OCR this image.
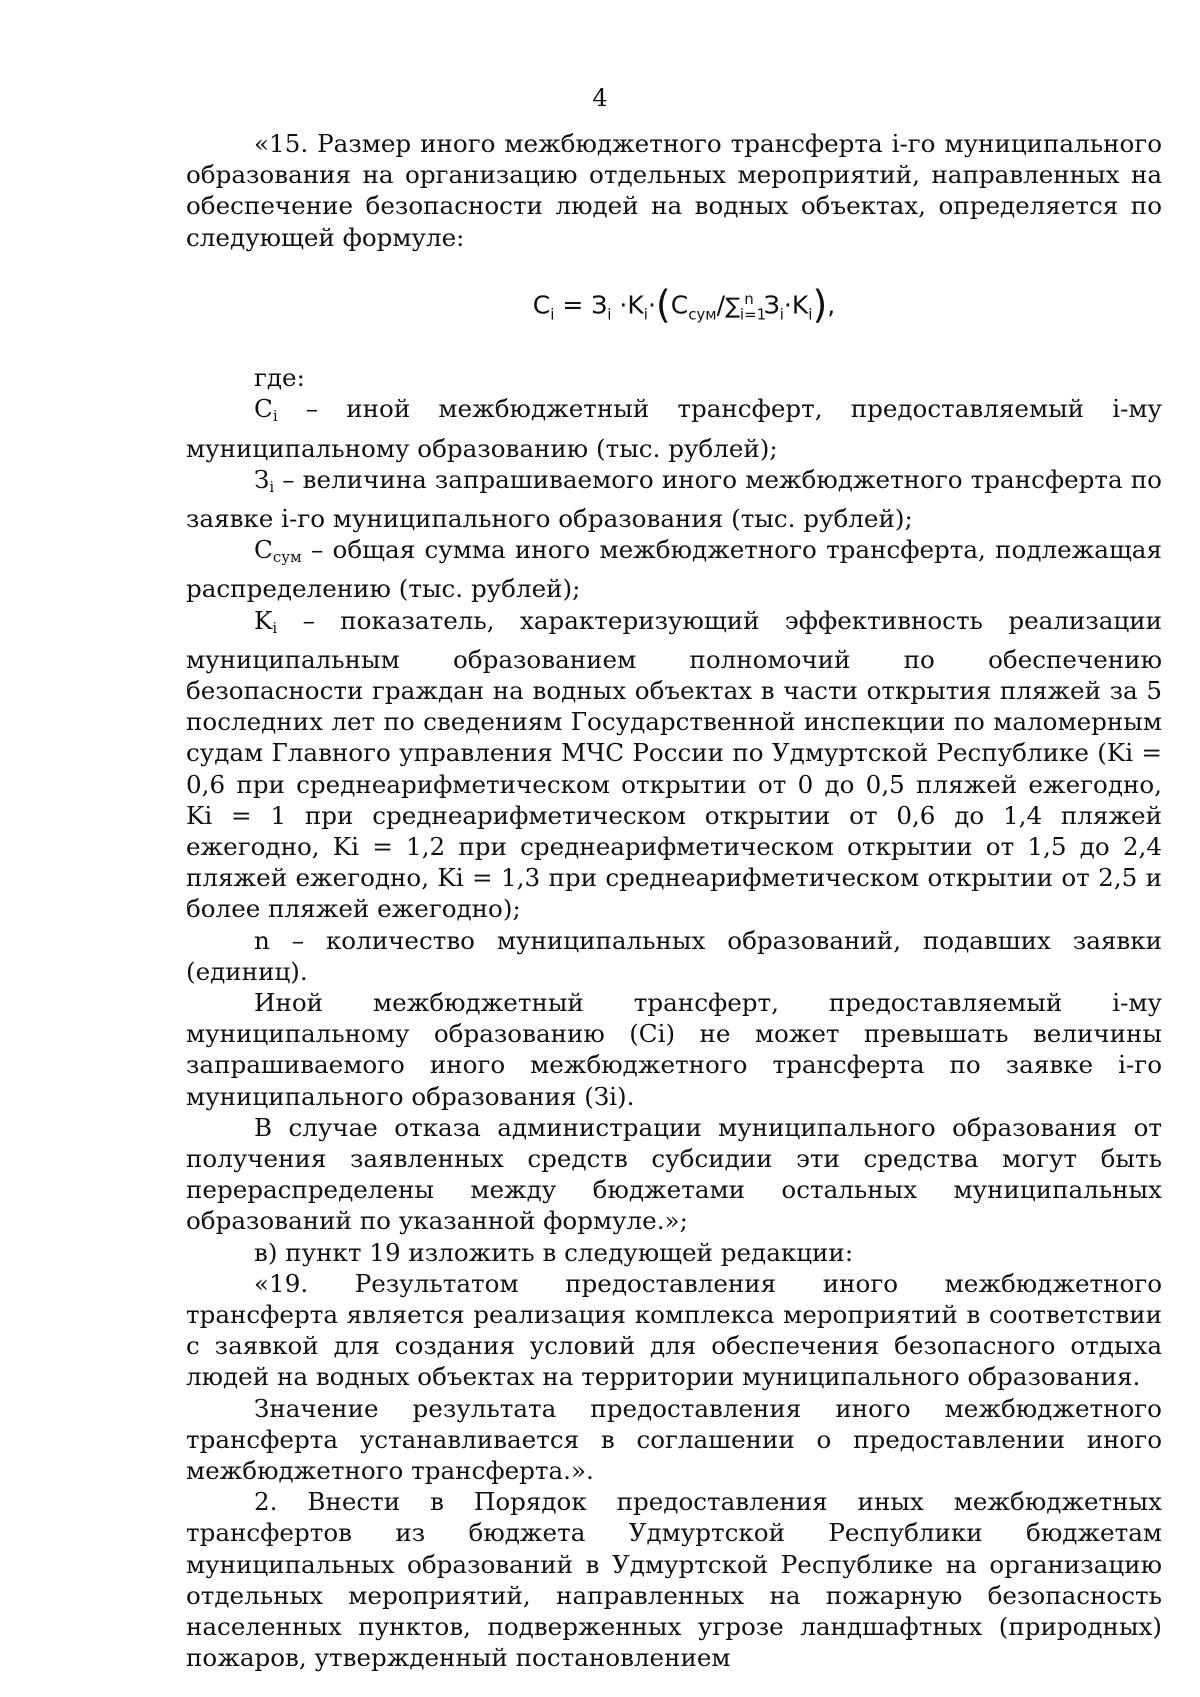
4

«15. Размер иного межбюджетного трансферта i-го муниципального образования на организацию отдельных мероприятий, направленных на обеспечение безопасности людей на водных объектах, определяется по следующей формуле:

$C_i = З_i \cdot K_i\cdot(C_{сум}/\sum_{i=1}^n$ $З_i\cdot K_i$),

где:

$C_i$ – иной межбюджетный трансферт, предоставляемый i-му муниципальному образованию (тыс. рублей);

$З_i$ – величина запрашиваемого иного межбюджетного трансферта по заявке i-го муниципального образования (тыс. рублей);

$C_{сум}$ – общая сумма иного межбюджетного трансферта, подлежащая распределению (тыс. рублей);

$K_i$ – показатель, характеризующий эффективность реализации муниципальным образованием полномочий по обеспечению безопасности граждан на водных объектах в части открытия пляжей за 5 последних лет по сведениям Государственной инспекции по маломерным судам Главного управления МЧС России по Удмуртской Республике (Ki = 0,6 при среднеарифметическом открытии от 0 до 0,5 пляжей ежегодно, Ki = 1 при среднеарифметическом открытии от 0,6 до 1,4 пляжей ежегодно, Ki = 1,2 при среднеарифметическом открытии от 1,5 до 2,4 пляжей ежегодно, Ki = 1,3 при среднеарифметическом открытии от 2,5 и более пляжей ежегодно);

n – количество муниципальных образований, подавших заявки (единиц).

Иной межбюджетный трансферт, предоставляемый i-му муниципальному образованию (Ci) не может превышать величины запрашиваемого иного межбюджетного трансферта по заявке i-го муниципального образования (Зi).

В случае отказа администрации муниципального образования от получения заявленных средств субсидии эти средства могут быть перераспределены между бюджетами остальных муниципальных образований по указанной формуле.»;

в) пункт 19 изложить в следующей редакции:

«19. Результатом предоставления иного межбюджетного трансферта является реализация комплекса мероприятий в соответствии с заявкой для создания условий для обеспечения безопасного отдыха людей на водных объектах на территории муниципального образования.

Значение результата предоставления иного межбюджетного трансферта устанавливается в соглашении о предоставлении иного межбюджетного трансферта.».

2. Внести в Порядок предоставления иных межбюджетных трансфертов из бюджета Удмуртской Республики бюджетам муниципальных образований в Удмуртской Республике на организацию отдельных мероприятий, направленных на пожарную безопасность населенных пунктов, подверженных угрозе ландшафтных (природных) пожаров, утвержденный постановлением
